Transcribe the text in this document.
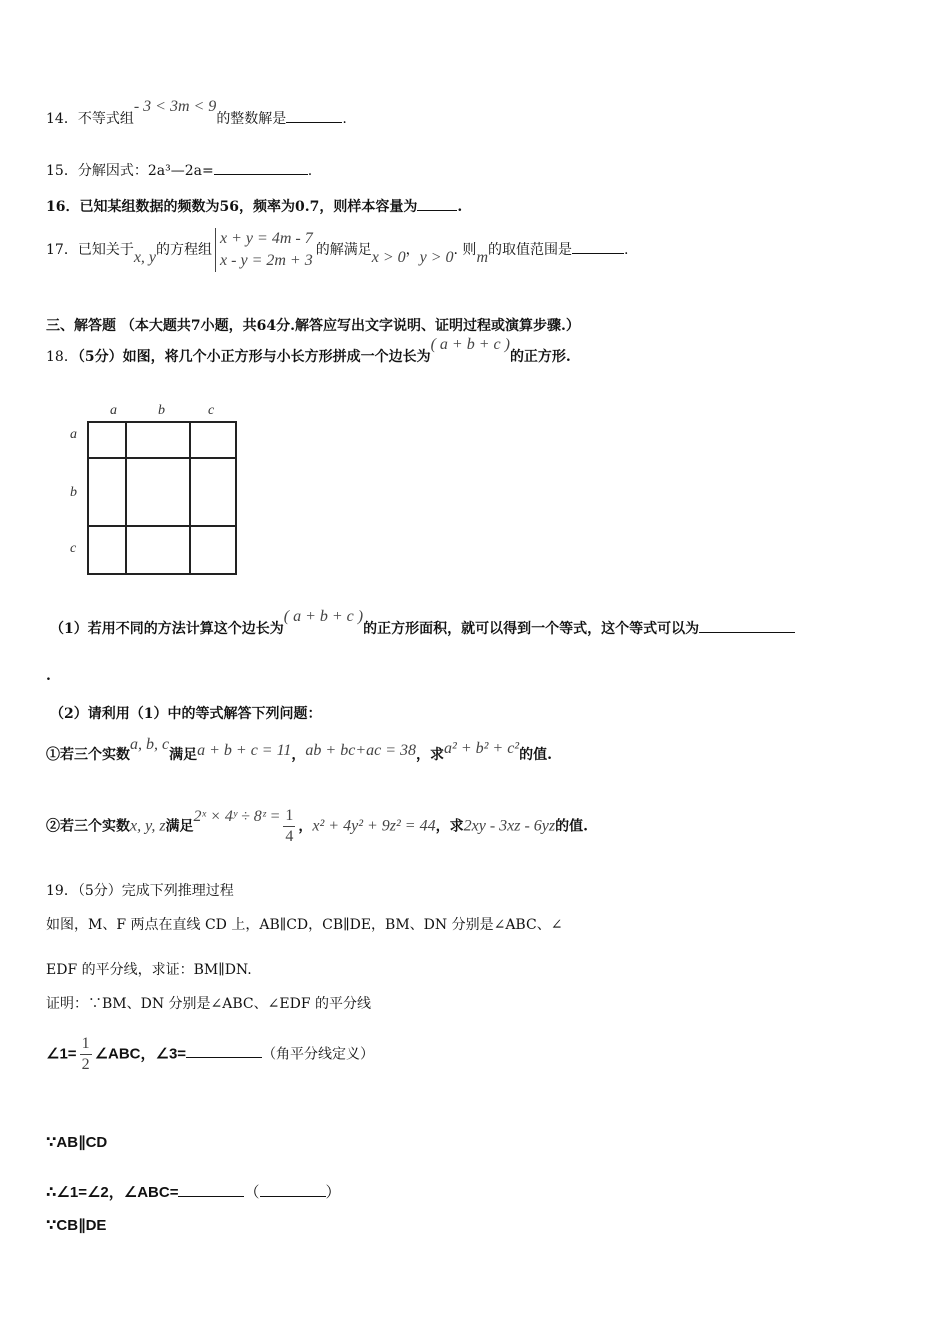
14．不等式组- 3 < 3m < 9的整数解是	.
15．分解因式：2a³—2a=	.
16．已知某组数据的频数为56，频率为0.7，则样本容量为	.
17．已知关于x, y的方程组
x + y = 4m - 7
x - y = 2m + 3
的解满足x > 0，y > 0. 则m的取值范围是	.
三、解答题 （本大题共7小题，共64分.解答应写出文字说明、证明过程或演算步骤.）
18．（5分）如图，将几个小正方形与小长方形拼成一个边长为( a + b + c )的正方形.
a	b	c
a
b
c
（1）若用不同的方法计算这个边长为( a + b + c )的正方形面积，就可以得到一个等式，这个等式可以为
.
（2）请利用（1）中的等式解答下列问题：
①若三个实数a, b, c满足a + b + c = 11，ab + bc+ac = 38，求a² + b² + c²的值.
②若三个实数x, y, z满足2ˣ × 4ʸ ÷ 8ᶻ = $\frac{1}{4}$ ，x² + 4y² + 9z² = 44，求2xy - 3xz - 6yz的值.
19．（5分）完成下列推理过程
如图，M、F 两点在直线 CD 上，AB∥CD，CB∥DE，BM、DN 分别是∠ABC、∠
EDF 的平分线，求证：BM∥DN.
证明：∵BM、DN 分别是∠ABC、∠EDF 的平分线
∠1= $\frac{1}{2}$ ∠ABC，∠3=	（角平分线定义）
∵AB∥CD
∴∠1=∠2，∠ABC=	（	）
∵CB∥DE
